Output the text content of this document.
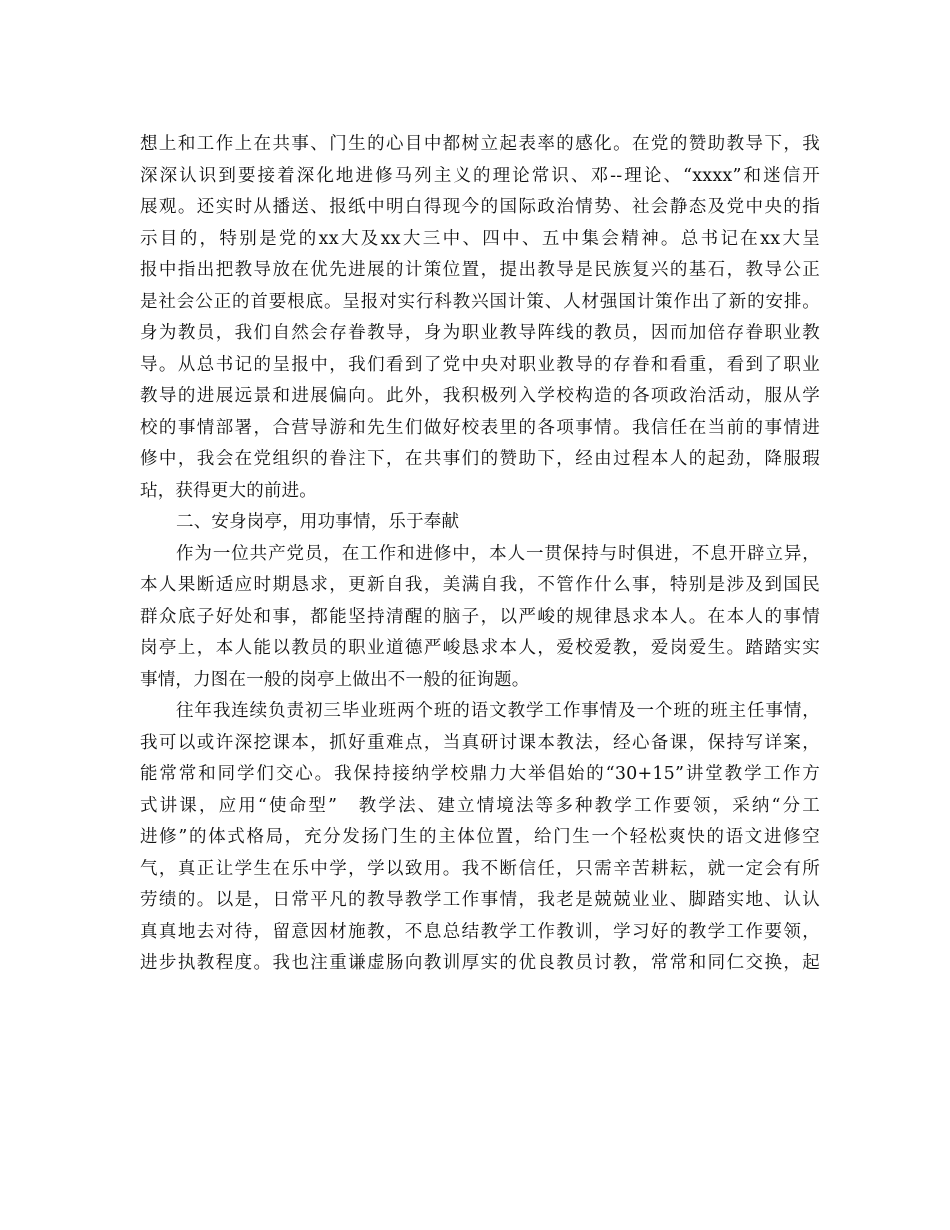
想上和工作上在共事、门生的心目中都树立起表率的感化。在党的赞助教导下，我
深深认识到要接着深化地进修马列主义的理论常识、邓--理论、“xxxx”和迷信开
展观。还实时从播送、报纸中明白得现今的国际政治情势、社会静态及党中央的指
示目的，特别是党的xx大及xx大三中、四中、五中集会精神。总书记在xx大呈
报中指出把教导放在优先进展的计策位置，提出教导是民族复兴的基石，教导公正
是社会公正的首要根底。呈报对实行科教兴国计策、人材强国计策作出了新的安排。
身为教员，我们自然会存眷教导，身为职业教导阵线的教员，因而加倍存眷职业教
导。从总书记的呈报中，我们看到了党中央对职业教导的存眷和看重，看到了职业
教导的进展远景和进展偏向。此外，我积极列入学校构造的各项政治活动，服从学
校的事情部署，合营导游和先生们做好校表里的各项事情。我信任在当前的事情进
修中，我会在党组织的眷注下，在共事们的赞助下，经由过程本人的起劲，降服瑕
玷，获得更大的前进。
二、安身岗亭，用功事情，乐于奉献
作为一位共产党员，在工作和进修中，本人一贯保持与时俱进，不息开辟立异，
本人果断适应时期恳求，更新自我，美满自我，不管作什么事，特别是涉及到国民
群众底子好处和事，都能坚持清醒的脑子，以严峻的规律恳求本人。在本人的事情
岗亭上，本人能以教员的职业道德严峻恳求本人，爱校爱教，爱岗爱生。踏踏实实
事情，力图在一般的岗亭上做出不一般的征询题。
往年我连续负责初三毕业班两个班的语文教学工作事情及一个班的班主任事情，
我可以或许深挖课本，抓好重难点，当真研讨课本教法，经心备课，保持写详案，
能常常和同学们交心。我保持接纳学校鼎力大举倡始的“30+15”讲堂教学工作方
式讲课，应用“使命型”　教学法、建立情境法等多种教学工作要领，采纳“分工
进修”的体式格局，充分发扬门生的主体位置，给门生一个轻松爽快的语文进修空
气，真正让学生在乐中学，学以致用。我不断信任，只需辛苦耕耘，就一定会有所
劳绩的。以是，日常平凡的教导教学工作事情，我老是兢兢业业、脚踏实地、认认
真真地去对待，留意因材施教，不息总结教学工作教训，学习好的教学工作要领，
进步执教程度。我也注重谦虚肠向教训厚实的优良教员讨教，常常和同仁交换，起
